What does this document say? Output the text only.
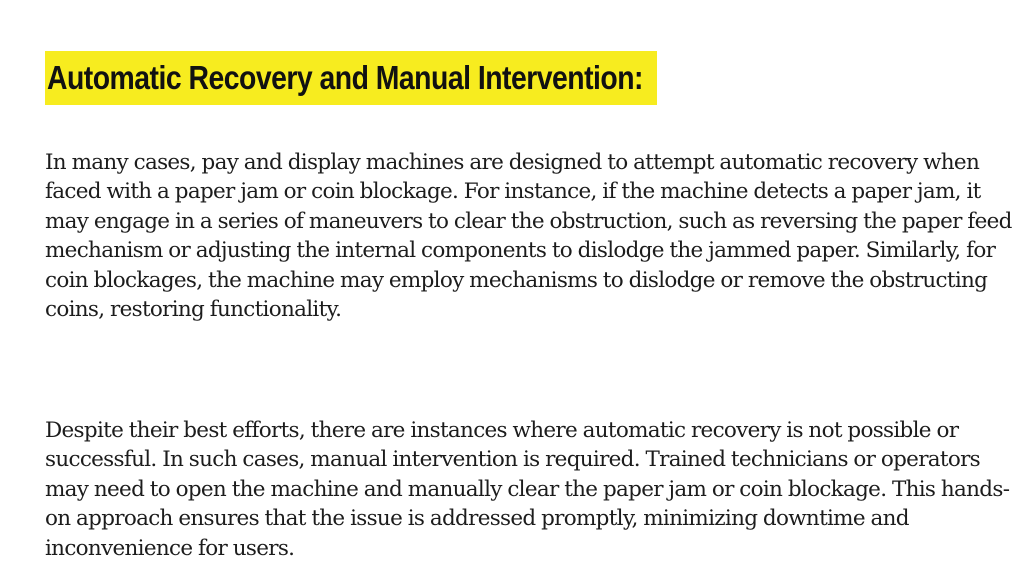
Automatic Recovery and Manual Intervention:

In many cases, pay and display machines are designed to attempt automatic recovery when faced with a paper jam or coin blockage. For instance, if the machine detects a paper jam, it may engage in a series of maneuvers to clear the obstruction, such as reversing the paper feed mechanism or adjusting the internal components to dislodge the jammed paper. Similarly, for coin blockages, the machine may employ mechanisms to dislodge or remove the obstructing coins, restoring functionality.

Despite their best efforts, there are instances where automatic recovery is not possible or successful. In such cases, manual intervention is required. Trained technicians or operators may need to open the machine and manually clear the paper jam or coin blockage. This hands-on approach ensures that the issue is addressed promptly, minimizing downtime and inconvenience for users.
